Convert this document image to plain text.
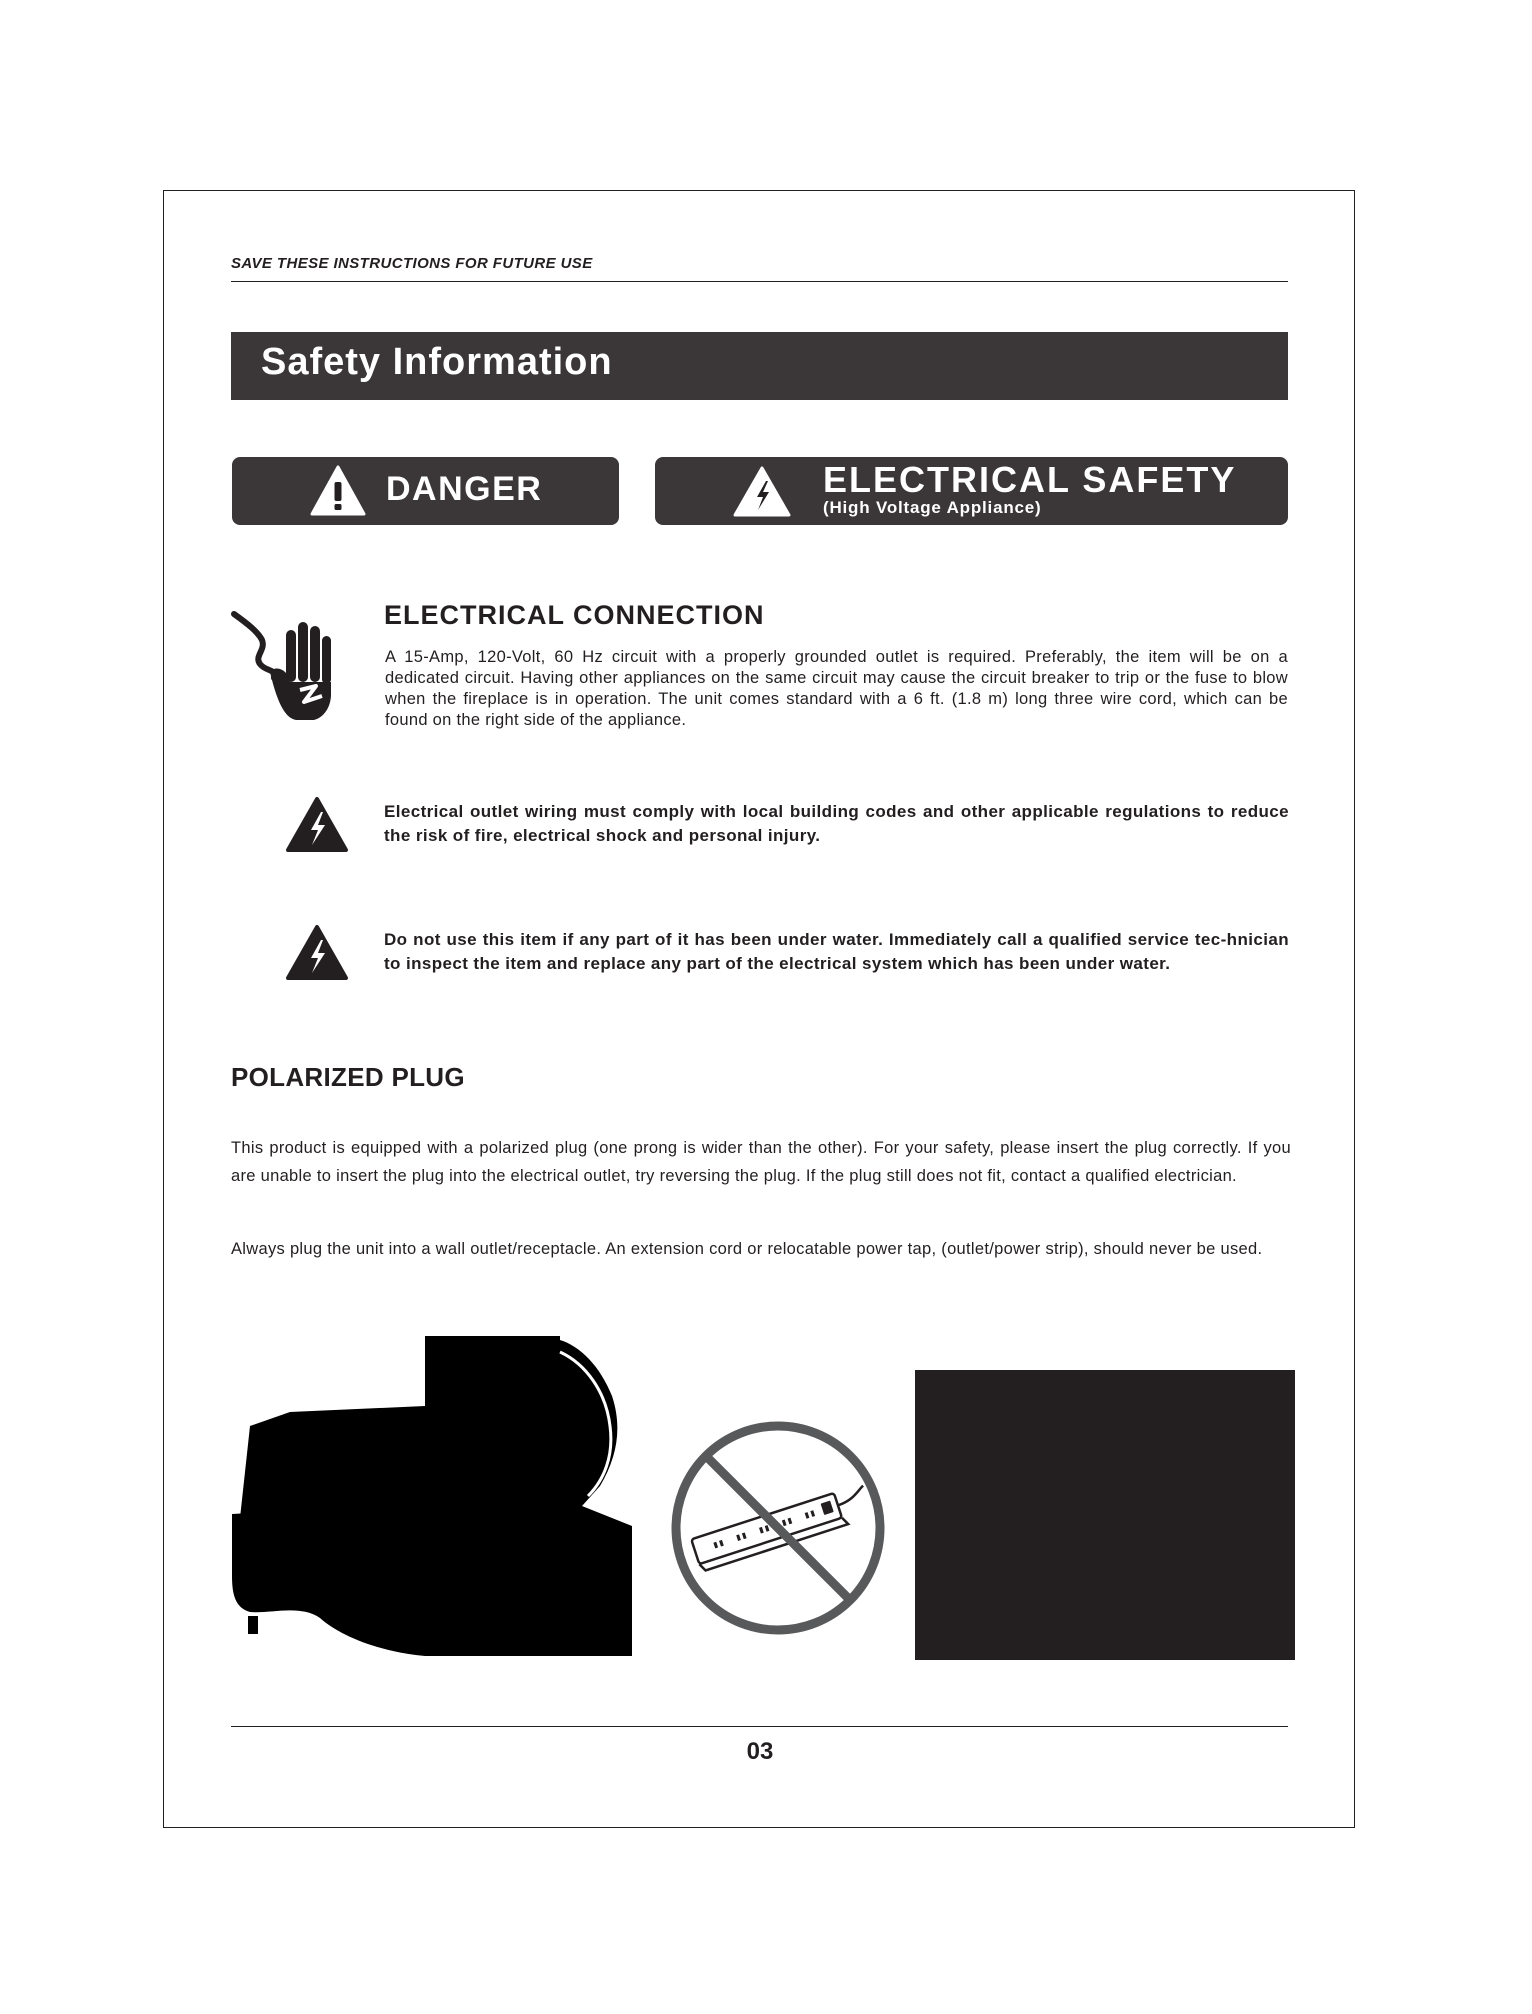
SAVE THESE INSTRUCTIONS FOR FUTURE USE
Safety Information
DANGER	ELECTRICAL SAFETY
(High Voltage Appliance)
ELECTRICAL CONNECTION
A 15-Amp, 120-Volt, 60 Hz circuit with a properly grounded outlet is required. Preferably, the item will be on a dedicated circuit. Having other appliances on the same circuit may cause the circuit breaker to trip or the fuse to blow when the fireplace is in operation. The unit comes standard with a 6 ft. (1.8 m) long three wire cord, which can be found on the right side of the appliance.
Electrical outlet wiring must comply with local building codes and other applicable regulations to reduce the risk of fire, electrical shock and personal injury.
Do not use this item if any part of it has been under water. Immediately call a qualified service tec-hnician to inspect the item and replace any part of the electrical system which has been under water.
POLARIZED PLUG
This product is equipped with a polarized plug (one prong is wider than the other). For your safety, please insert the plug correctly. If you are unable to insert the plug into the electrical outlet, try reversing the plug. If the plug still does not fit, contact a qualified electrician.
Always plug the unit into a wall outlet/receptacle. An extension cord or relocatable power tap, (outlet/power strip), should never be used.
03
